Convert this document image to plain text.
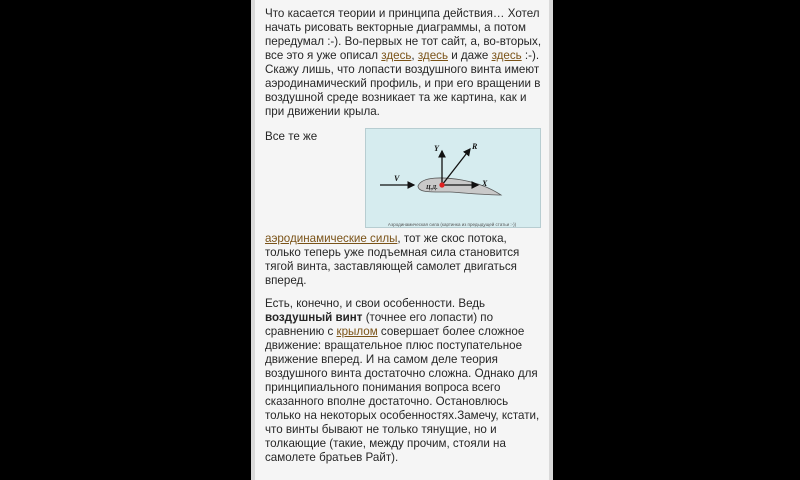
Что касается теории и принципа действия… Хотел начать рисовать векторные диаграммы, а потом передумал :-). Во-первых не тот сайт, а, во-вторых, все это я уже описал здесь, здесь и даже здесь :-). Скажу лишь, что лопасти воздушного винта имеют аэродинамический профиль, и при его вращении в воздушной среде возникает та же картина, как и при движении крыла.

Все те же
Y	R
X
V
Ц.Д.
Аэродинамическая сила (картинка из предыдущей статьи :-))

аэродинамические силы, тот же скос потока, только теперь уже подъемная сила становится тягой винта, заставляющей самолет двигаться вперед.

Есть, конечно, и свои особенности. Ведь воздушный винт (точнее его лопасти) по сравнению с крылом совершает более сложное движение: вращательное плюс поступательное движение вперед. И на самом деле теория воздушного винта достаточно сложна. Однако для принципиального понимания вопроса всего сказанного вполне достаточно. Остановлюсь только на некоторых особенностях.Замечу, кстати, что винты бывают не только тянущие, но и толкающие (такие, между прочим, стояли на самолете братьев Райт).
